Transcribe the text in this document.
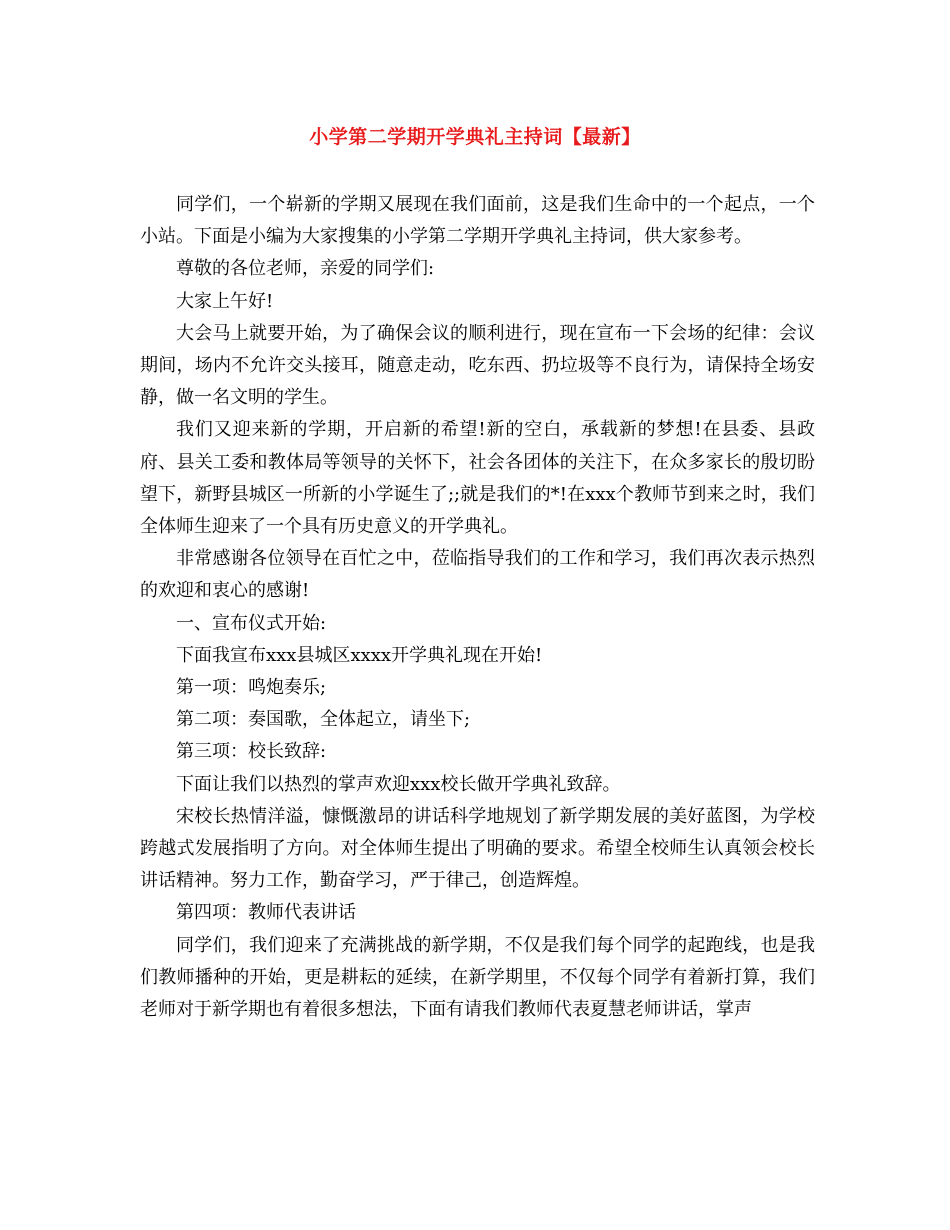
小学第二学期开学典礼主持词【最新】

同学们，一个崭新的学期又展现在我们面前，这是我们生命中的一个起点，一个小站。下面是小编为大家搜集的小学第二学期开学典礼主持词，供大家参考。

尊敬的各位老师，亲爱的同学们:

大家上午好!

大会马上就要开始，为了确保会议的顺利进行，现在宣布一下会场的纪律：会议期间，场内不允许交头接耳，随意走动，吃东西、扔垃圾等不良行为，请保持全场安静，做一名文明的学生。

我们又迎来新的学期，开启新的希望!新的空白，承载新的梦想!在县委、县政府、县关工委和教体局等领导的关怀下，社会各团体的关注下，在众多家长的殷切盼望下，新野县城区一所新的小学诞生了;;就是我们的*!在xxx个教师节到来之时，我们全体师生迎来了一个具有历史意义的开学典礼。

非常感谢各位领导在百忙之中，莅临指导我们的工作和学习，我们再次表示热烈的欢迎和衷心的感谢!

一、宣布仪式开始:

下面我宣布xxx县城区xxxx开学典礼现在开始!

第一项：鸣炮奏乐;

第二项：奏国歌，全体起立，请坐下;

第三项：校长致辞:

下面让我们以热烈的掌声欢迎xxx校长做开学典礼致辞。

宋校长热情洋溢，慷慨激昂的讲话科学地规划了新学期发展的美好蓝图，为学校跨越式发展指明了方向。对全体师生提出了明确的要求。希望全校师生认真领会校长讲话精神。努力工作，勤奋学习，严于律己，创造辉煌。

第四项：教师代表讲话

同学们，我们迎来了充满挑战的新学期，不仅是我们每个同学的起跑线，也是我们教师播种的开始，更是耕耘的延续，在新学期里，不仅每个同学有着新打算，我们老师对于新学期也有着很多想法，下面有请我们教师代表夏慧老师讲话，掌声
